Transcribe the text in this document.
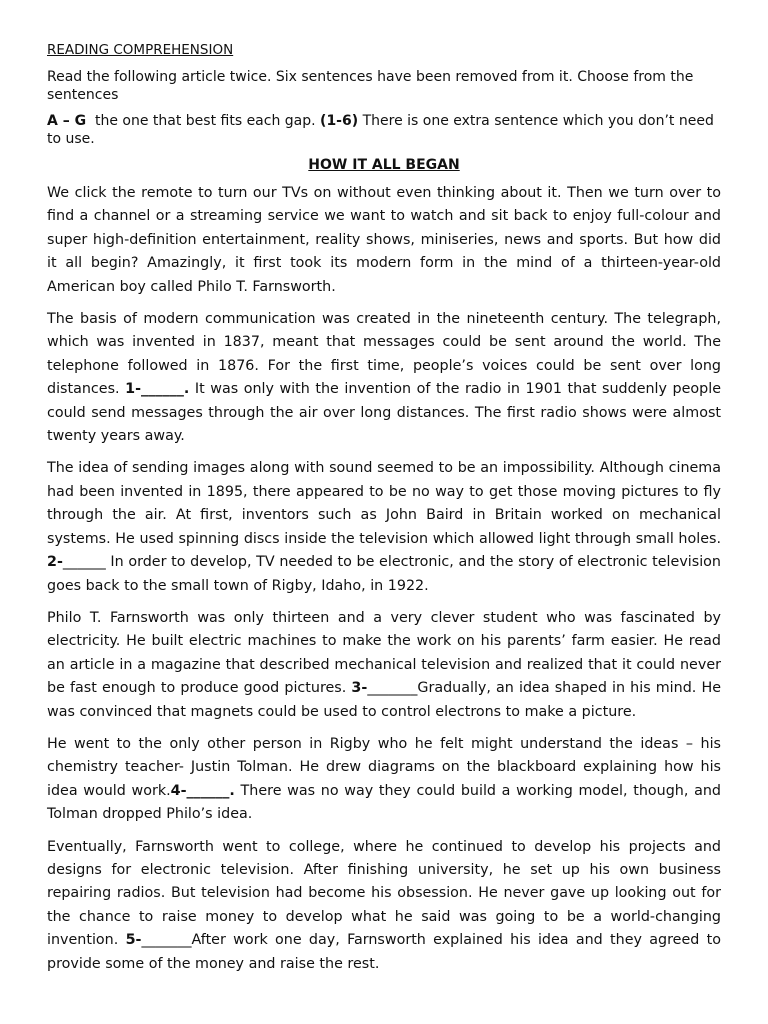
READING COMPREHENSION

Read the following article twice. Six sentences have been removed from it. Choose from the sentences

A – G  the one that best fits each gap. (1-6) There is one extra sentence which you don’t need to use.

HOW IT ALL BEGAN

We click the remote to turn our TVs on without even thinking about it. Then we turn over to find a channel or a streaming service we want to watch and sit back to enjoy full-colour and super high-definition entertainment, reality shows, miniseries, news and sports. But how did it all begin? Amazingly, it first took its modern form in the mind of a thirteen-year-old American boy called Philo T. Farnsworth.

The basis of modern communication was created in the nineteenth century. The telegraph, which was invented in 1837, meant that messages could be sent around the world. The telephone followed in 1876. For the first time, people’s voices could be sent over long distances. 1-______. It was only with the invention of the radio in 1901 that suddenly people could send messages through the air over long distances. The first radio shows were almost twenty years away.

The idea of sending images along with sound seemed to be an impossibility. Although cinema had been invented in 1895, there appeared to be no way to get those moving pictures to fly through the air. At first, inventors such as John Baird in Britain worked on mechanical systems. He used spinning discs inside the television which allowed light through small holes. 2-______ In order to develop, TV needed to be electronic, and the story of electronic television goes back to the small town of Rigby, Idaho, in 1922.

Philo T. Farnsworth was only thirteen and a very clever student who was fascinated by electricity. He built electric machines to make the work on his parents’ farm easier. He read an article in a magazine that described mechanical television and realized that it could never be fast enough to produce good pictures. 3-_______Gradually, an idea shaped in his mind. He was convinced that magnets could be used to control electrons to make a picture.

He went to the only other person in Rigby who he felt might understand the ideas – his chemistry teacher- Justin Tolman. He drew diagrams on the blackboard explaining how his idea would work.4-______. There was no way they could build a working model, though, and Tolman dropped Philo’s idea.

Eventually, Farnsworth went to college, where he continued to develop his projects and designs for electronic television. After finishing university, he set up his own business repairing radios. But television had become his obsession. He never gave up looking out for the chance to raise money to develop what he said was going to be a world-changing invention. 5-_______After work one day, Farnsworth explained his idea and they agreed to provide some of the money and raise the rest.
